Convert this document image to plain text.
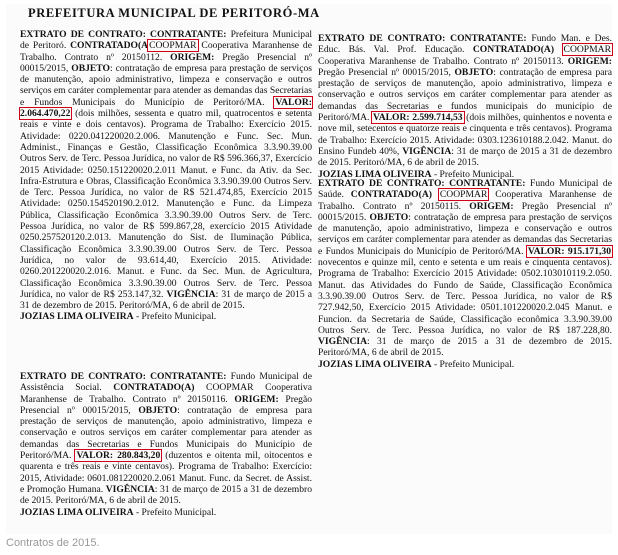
PREFEITURA MUNICIPAL DE PERITORÓ-MA
EXTRATO DE CONTRATO: CONTRATANTE: Prefeitura Municipal de Peritoró. CONTRATADO(ACOOPMAR Cooperativa Maranhense de Trabalho. Contrato nº 20150112. ORIGEM: Pregão Presencial nº 00015/2015, OBJETO: contratação de empresa para prestação de serviços de manutenção, apoio administrativo, limpeza e conservação e outros serviços em caráter complementar para atender as demandas das Secretarias e Fundos Municipais do Município de Peritoró/MA. VALOR: 2.064.470,22 (dois milhões, sessenta e quatro mil, quatrocentos e setenta reais e vinte e dois centavos). Programa de Trabalho: Exercício 2015. Atividade: 0220.041220020.2.006. Manutenção e Func. Sec. Mun. Administ., Finanças e Gestão, Classificação Econômica 3.3.90.39.00 Outros Serv. de Terc. Pessoa Jurídica, no valor de R$ 596.366,37, Exercício 2015 Atividade: 0250.151220020.2.011 Manut. e Func. da Ativ. da Sec. Infra-Estrutura e Obras, Classificação Econômica 3.3.90.39.00 Outros Serv. de Terc. Pessoa Jurídica, no valor de R$ 521.474,85, Exercício 2015 Atividade: 0250.154520190.2.012. Manutenção e Func. da Limpeza Pública, Classificação Econômica 3.3.90.39.00 Outros Serv. de Terc. Pessoa Jurídica, no valor de R$ 599.867,28, exercício 2015 Atividade 0250.257520120.2.013. Manutenção do Sist. de Iluminação Pública, Classificação Econômica 3.3.90.39.00 Outros Serv. de Terc. Pessoa Jurídica, no valor de 93.614,40, Exercício 2015. Atividade: 0260.201220020.2.016. Manut. e Func. da Sec. Mun. de Agricultura, Classificação Econômica 3.3.90.39.00 Outros Serv. de Terc. Pessoa Jurídica, no valor de R$ 253.147,32. VIGÊNCIA: 31 de março de 2015 a 31 de dezembro de 2015. Peritoró/MA, 6 de abril de 2015.
JOZIAS LIMA OLIVEIRA - Prefeito Municipal.
EXTRATO DE CONTRATO: CONTRATANTE: Fundo Municipal de Assistência Social. CONTRATADO(A) COOPMAR Cooperativa Maranhense de Trabalho. Contrato nº 20150116. ORIGEM: Pregão Presencial nº 00015/2015, OBJETO: contratação de empresa para prestação de serviços de manutenção, apoio administrativo, limpeza e conservação e outros serviços em caráter complementar para atender as demandas das Secretarias e Fundos Municipais do Município de Peritoró/MA. VALOR: 280.843,20 (duzentos e oitenta mil, oitocentos e quarenta e três reais e vinte centavos). Programa de Trabalho: Exercício: 2015, Atividade: 0601.081220020.2.061 Manut. Func. da Secret. de Assist. e Promoção Humana. VIGÊNCIA: 31 de março de 2015 a 31 de dezembro de 2015. Peritoró/MA, 6 de abril de 2015.
JOZIAS LIMA OLIVEIRA - Prefeito Municipal.
EXTRATO DE CONTRATO: CONTRATANTE: Fundo Man. e Des. Educ. Bás. Val. Prof. Educação. CONTRATADO(A) COOPMAR Cooperativa Maranhense de Trabalho. Contrato nº 20150113. ORIGEM: Pregão Presencial nº 00015/2015, OBJETO: contratação de empresa para prestação de serviços de manutenção, apoio administrativo, limpeza e conservação e outros serviços em caráter complementar para atender as demandas das Secretarias e fundos municipais do município de Peritoró/MA. VALOR: 2.599.714,53 (dois milhões, quinhentos e noventa e nove mil, setecentos e quatorze reais e cinquenta e três centavos). Programa de Trabalho: Exercício 2015. Atividade: 0303.123610188.2.042. Manut. do Ensino Fundeb 40%, VIGÊNCIA: 31 de março de 2015 a 31 de dezembro de 2015. Peritoró/MA, 6 de abril de 2015.
JOZIAS LIMA OLIVEIRA - Prefeito Municipal.
EXTRATO DE CONTRATO: CONTRATANTE: Fundo Municipal de Saúde. CONTRATADO(A) COOPMAR Cooperativa Maranhense de Trabalho. Contrato nº 20150115. ORIGEM: Pregão Presencial nº 00015/2015. OBJETO: contratação de empresa para prestação de serviços de manutenção, apoio administrativo, limpeza e conservação e outros serviços em caráter complementar para atender as demandas das Secretarias e Fundos Municipais do Município de Peritoró/MA. VALOR: 915.171,30 novecentos e quinze mil, cento e setenta e um reais e cinquenta centavos). Programa de Trabalho: Exercício 2015 Atividade: 0502.103010119.2.050. Manut. das Atividades do Fundo de Saúde, Classificação Econômica 3.3.90.39.00 Outros Serv. de Terc. Pessoa Jurídica, no valor de R$ 727.942,50, Exercício 2015 Atividade: 0501.101220020.2.045 Manut. e Funcion. da Secretaria de Saúde, Classificação econômica 3.3.90.39.00 Outros Serv. de Terc. Pessoa Jurídica, no valor de R$ 187.228,80. VIGÊNCIA: 31 de março de 2015 a 31 de dezembro de 2015. Peritoró/MA, 6 de abril de 2015.
JOZIAS LIMA OLIVEIRA - Prefeito Municipal.
Contratos de 2015.
